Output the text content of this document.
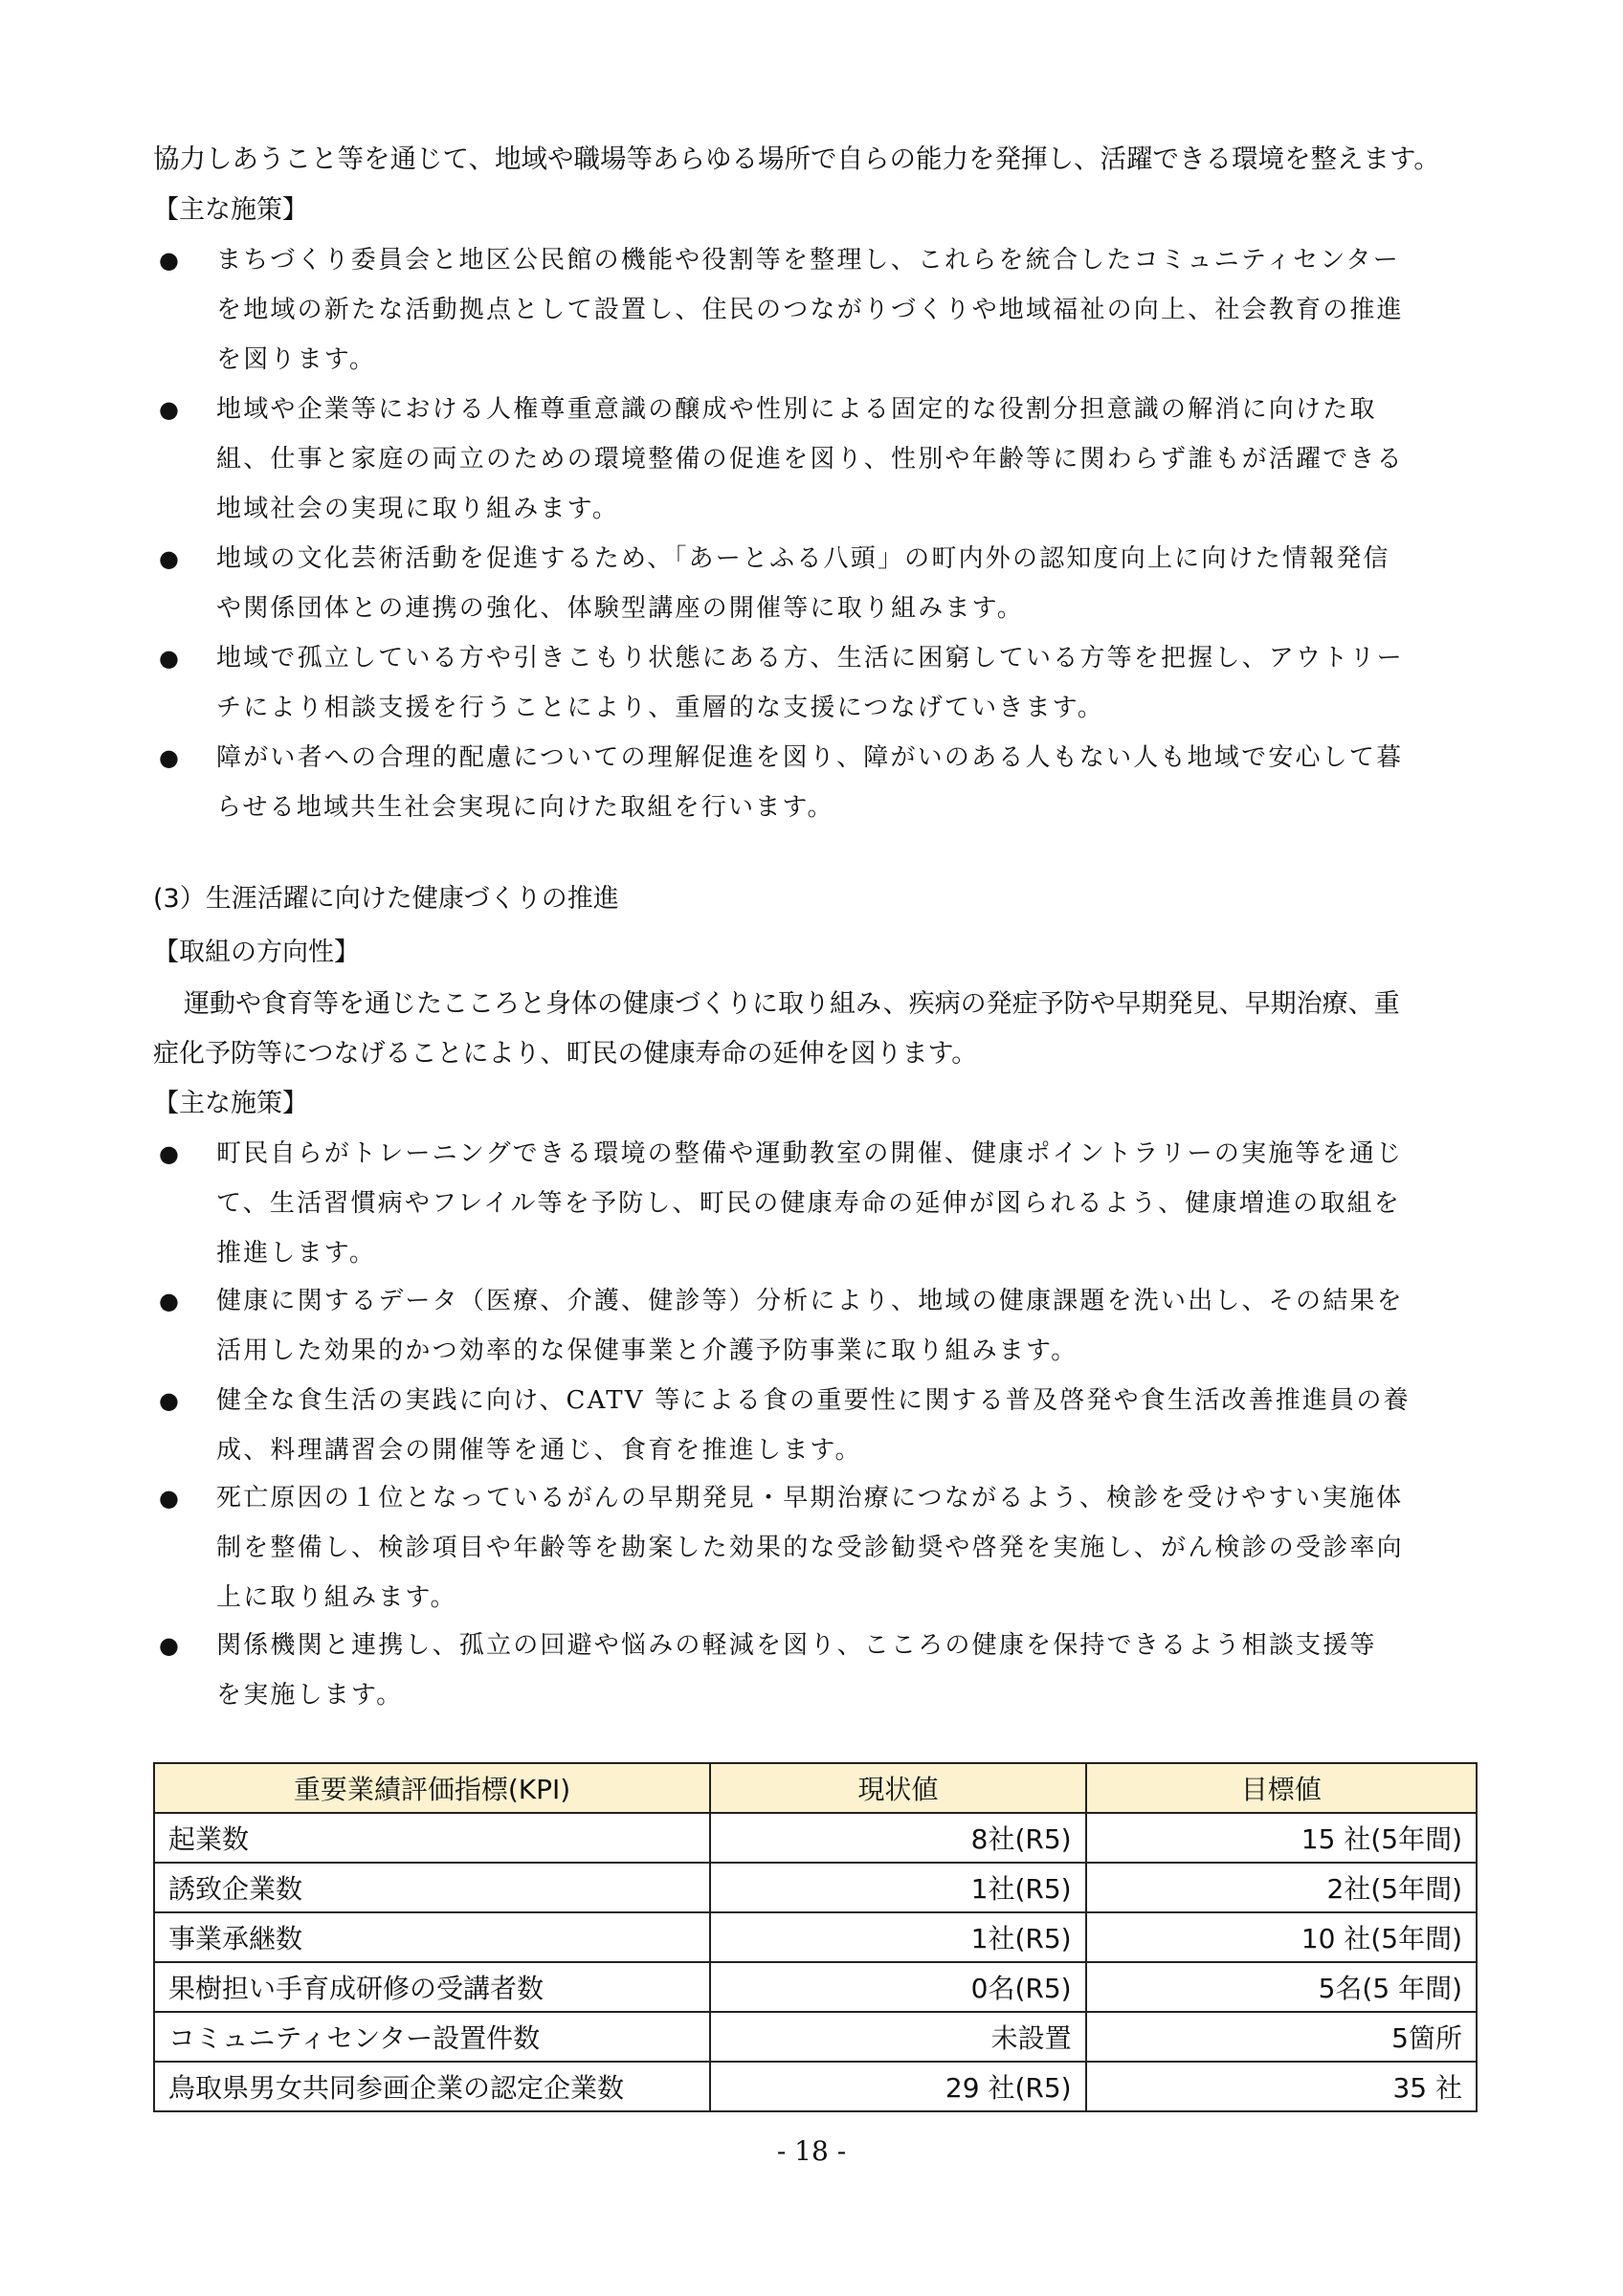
協力しあうこと等を通じて、地域や職場等あらゆる場所で自らの能力を発揮し、活躍できる環境を整えます。
【主な施策】
● まちづくり委員会と地区公民館の機能や役割等を整理し、これらを統合したコミュニティセンター
を地域の新たな活動拠点として設置し、住民のつながりづくりや地域福祉の向上、社会教育の推進
を図ります。
● 地域や企業等における人権尊重意識の醸成や性別による固定的な役割分担意識の解消に向けた取
組、仕事と家庭の両立のための環境整備の促進を図り、性別や年齢等に関わらず誰もが活躍できる
地域社会の実現に取り組みます。
● 地域の文化芸術活動を促進するため、「あーとふる八頭」の町内外の認知度向上に向けた情報発信
や関係団体との連携の強化、体験型講座の開催等に取り組みます。
● 地域で孤立している方や引きこもり状態にある方、生活に困窮している方等を把握し、アウトリー
チにより相談支援を行うことにより、重層的な支援につなげていきます。
● 障がい者への合理的配慮についての理解促進を図り、障がいのある人もない人も地域で安心して暮
らせる地域共生社会実現に向けた取組を行います。
(3）生涯活躍に向けた健康づくりの推進
【取組の方向性】
運動や食育等を通じたこころと身体の健康づくりに取り組み、疾病の発症予防や早期発見、早期治療、重
症化予防等につなげることにより、町民の健康寿命の延伸を図ります。
【主な施策】
● 町民自らがトレーニングできる環境の整備や運動教室の開催、健康ポイントラリーの実施等を通じ
て、生活習慣病やフレイル等を予防し、町民の健康寿命の延伸が図られるよう、健康増進の取組を
推進します。
● 健康に関するデータ（医療、介護、健診等）分析により、地域の健康課題を洗い出し、その結果を
活用した効果的かつ効率的な保健事業と介護予防事業に取り組みます。
● 健全な食生活の実践に向け、CATV 等による食の重要性に関する普及啓発や食生活改善推進員の養
成、料理講習会の開催等を通じ、食育を推進します。
● 死亡原因の１位となっているがんの早期発見・早期治療につながるよう、検診を受けやすい実施体
制を整備し、検診項目や年齢等を勘案した効果的な受診勧奨や啓発を実施し、がん検診の受診率向
上に取り組みます。
● 関係機関と連携し、孤立の回避や悩みの軽減を図り、こころの健康を保持できるよう相談支援等
を実施します。
重要業績評価指標(KPI)	現状値	目標値
起業数	8社(R5)	15 社(5年間)
誘致企業数	1社(R5)	2社(5年間)
事業承継数	1社(R5)	10 社(5年間)
果樹担い手育成研修の受講者数	0名(R5)	5名(5 年間)
コミュニティセンター設置件数	未設置	5箇所
鳥取県男女共同参画企業の認定企業数	29 社(R5)	35 社
- 18 -
